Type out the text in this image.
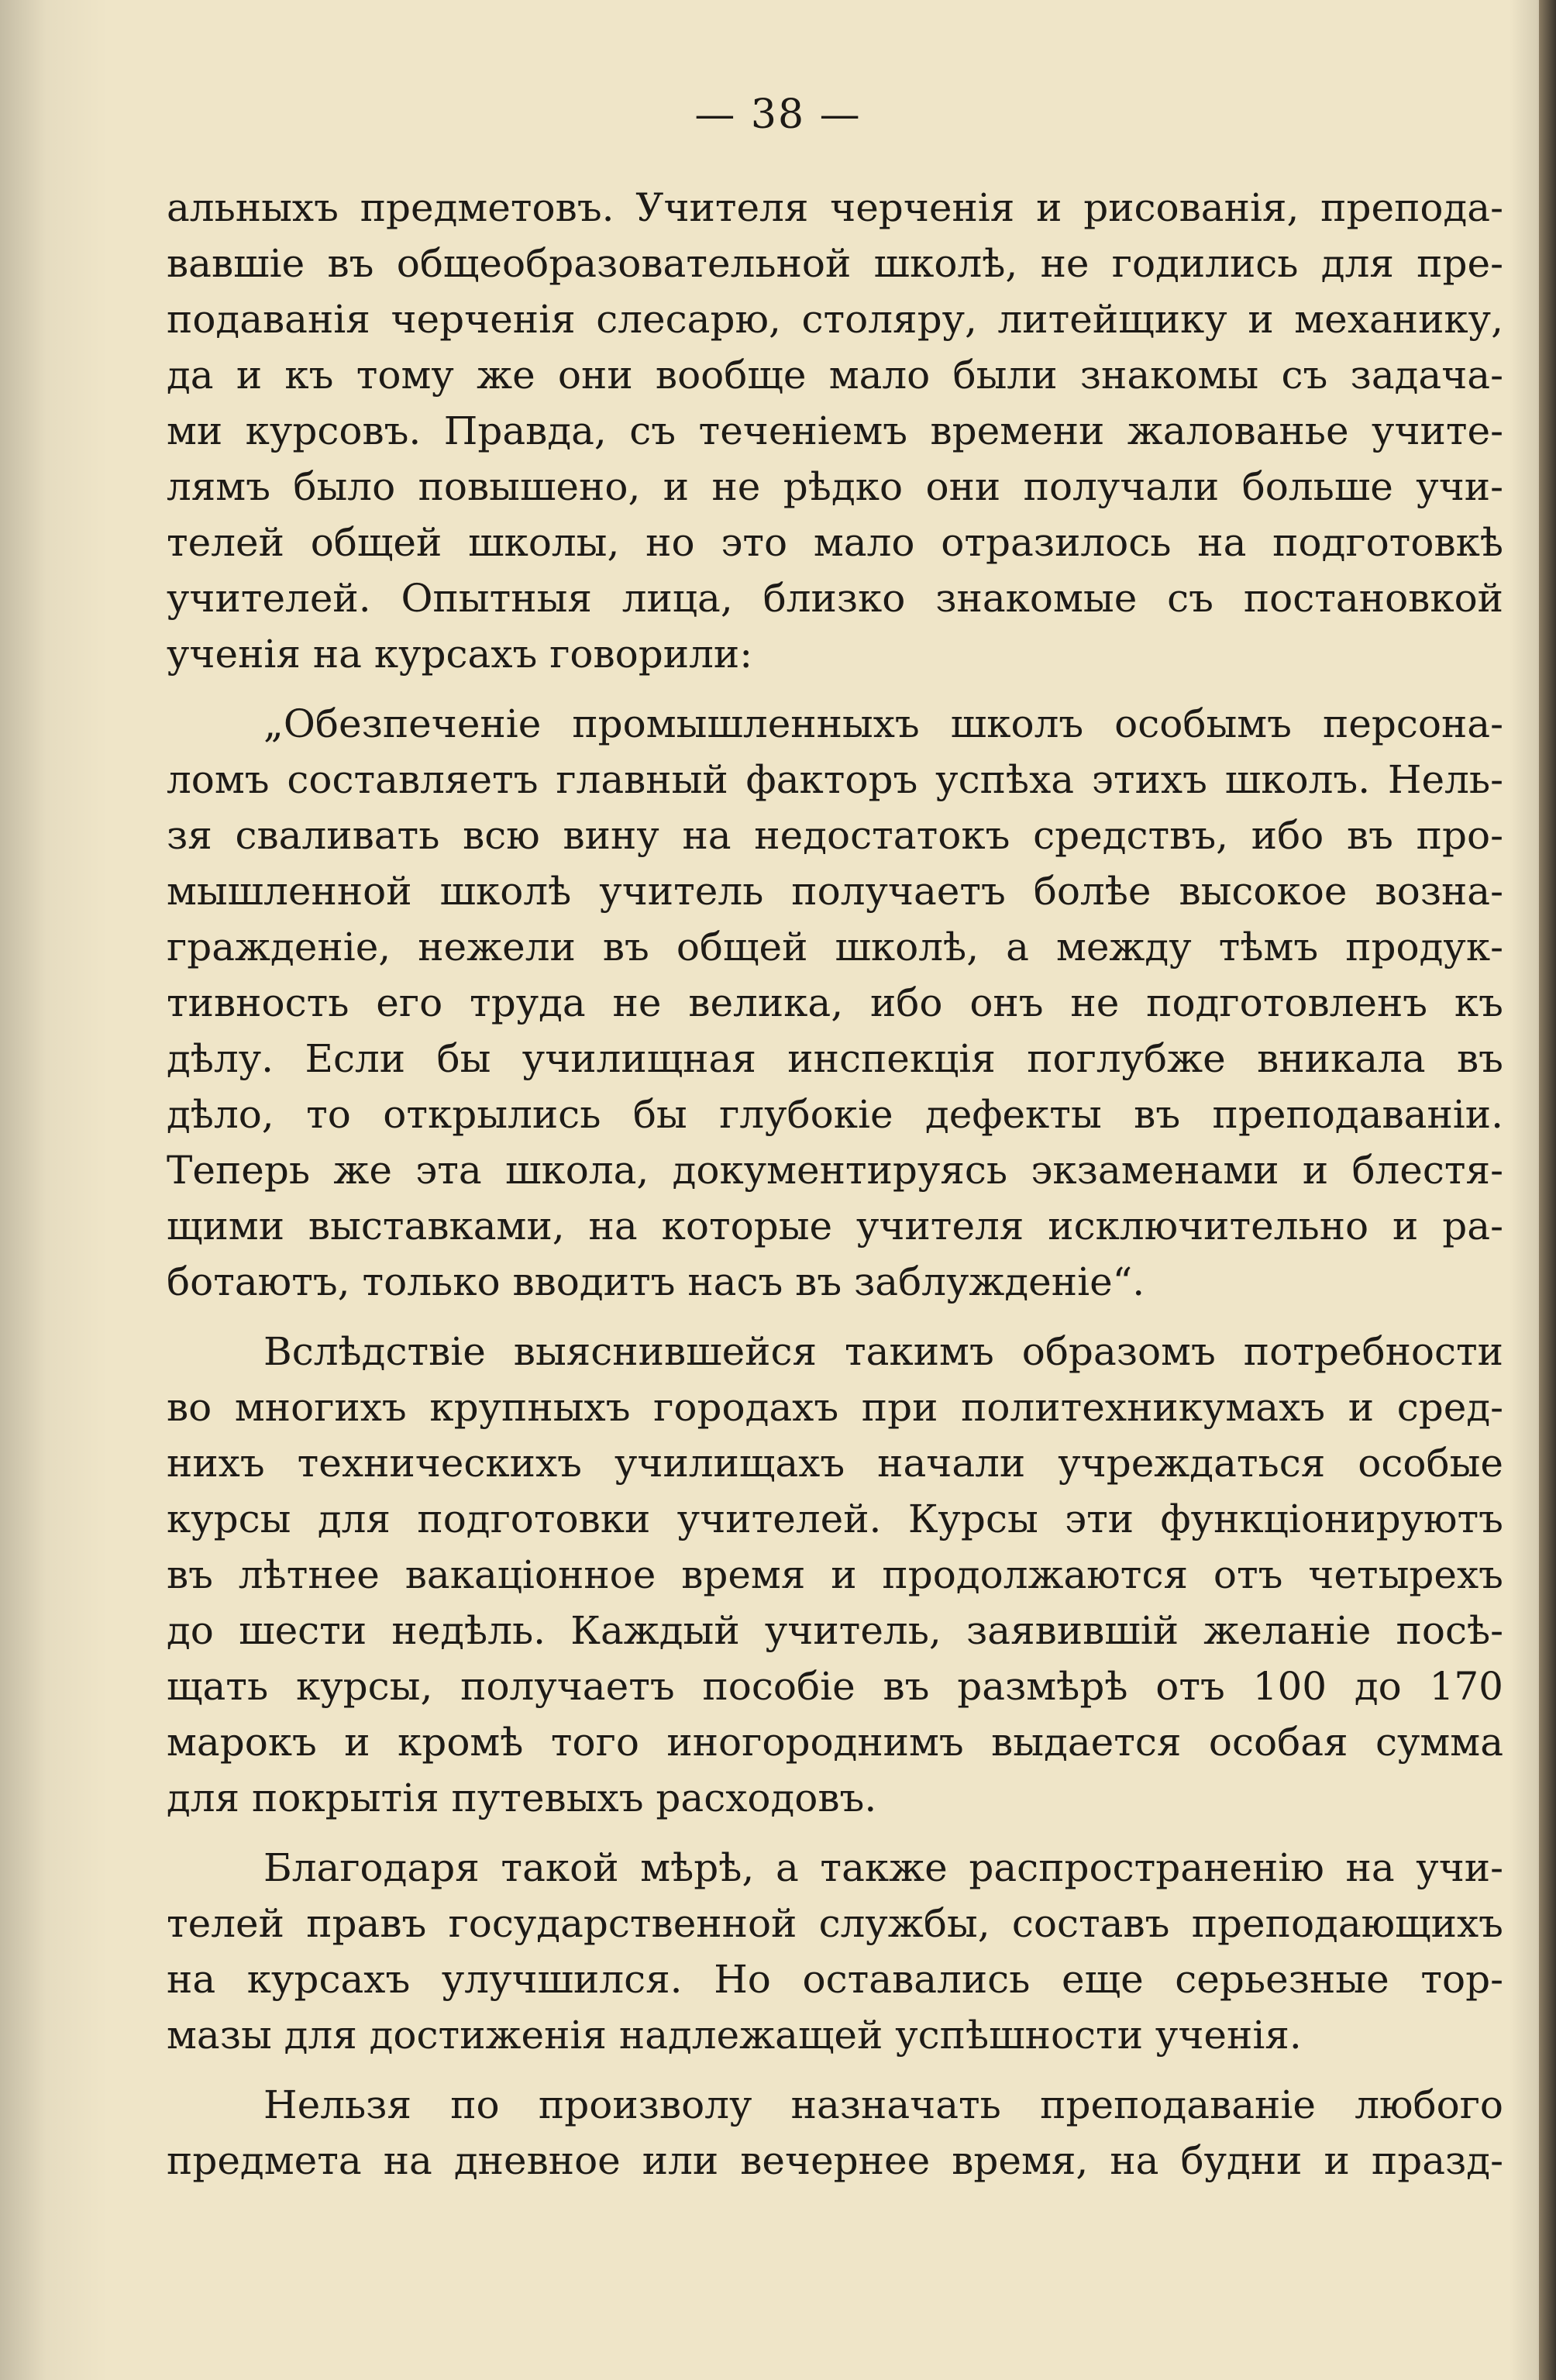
— 38 —
альныхъ предметовъ. Учителя черченія и рисованія, препода-
вавшіе въ общеобразовательной школѣ, не годились для пре-
подаванія черченія слесарю, столяру, литейщику и механику,
да и къ тому же они вообще мало были знакомы съ задача-
ми курсовъ. Правда, съ теченіемъ времени жалованье учите-
лямъ было повышено, и не рѣдко они получали больше учи-
телей общей школы, но это мало отразилось на подготовкѣ
учителей. Опытныя лица, близко знакомые съ постановкой
ученія на курсахъ говорили:
„Обезпеченіе промышленныхъ школъ особымъ персона-
ломъ составляетъ главный факторъ успѣха этихъ школъ. Нель-
зя сваливать всю вину на недостатокъ средствъ, ибо въ про-
мышленной школѣ учитель получаетъ болѣе высокое возна-
гражденіе, нежели въ общей школѣ, а между тѣмъ продук-
тивность его труда не велика, ибо онъ не подготовленъ къ
дѣлу. Если бы училищная инспекція поглубже вникала въ
дѣло, то открылись бы глубокіе дефекты въ преподаваніи.
Теперь же эта школа, документируясь экзаменами и блестя-
щими выставками, на которые учителя исключительно и ра-
ботаютъ, только вводитъ насъ въ заблужденіе“.
Вслѣдствіе выяснившейся такимъ образомъ потребности
во многихъ крупныхъ городахъ при политехникумахъ и сред-
нихъ техническихъ училищахъ начали учреждаться особые
курсы для подготовки учителей. Курсы эти функціонируютъ
въ лѣтнее вакаціонное время и продолжаются отъ четырехъ
до шести недѣль. Каждый учитель, заявившій желаніе посѣ-
щать курсы, получаетъ пособіе въ размѣрѣ отъ 100 до 170
марокъ и кромѣ того иногороднимъ выдается особая сумма
для покрытія путевыхъ расходовъ.
Благодаря такой мѣрѣ, а также распространенію на учи-
телей правъ государственной службы, составъ преподающихъ
на курсахъ улучшился. Но оставались еще серьезные тор-
мазы для достиженія надлежащей успѣшности ученія.
Нельзя по произволу назначать преподаваніе любого
предмета на дневное или вечернее время, на будни и празд-
